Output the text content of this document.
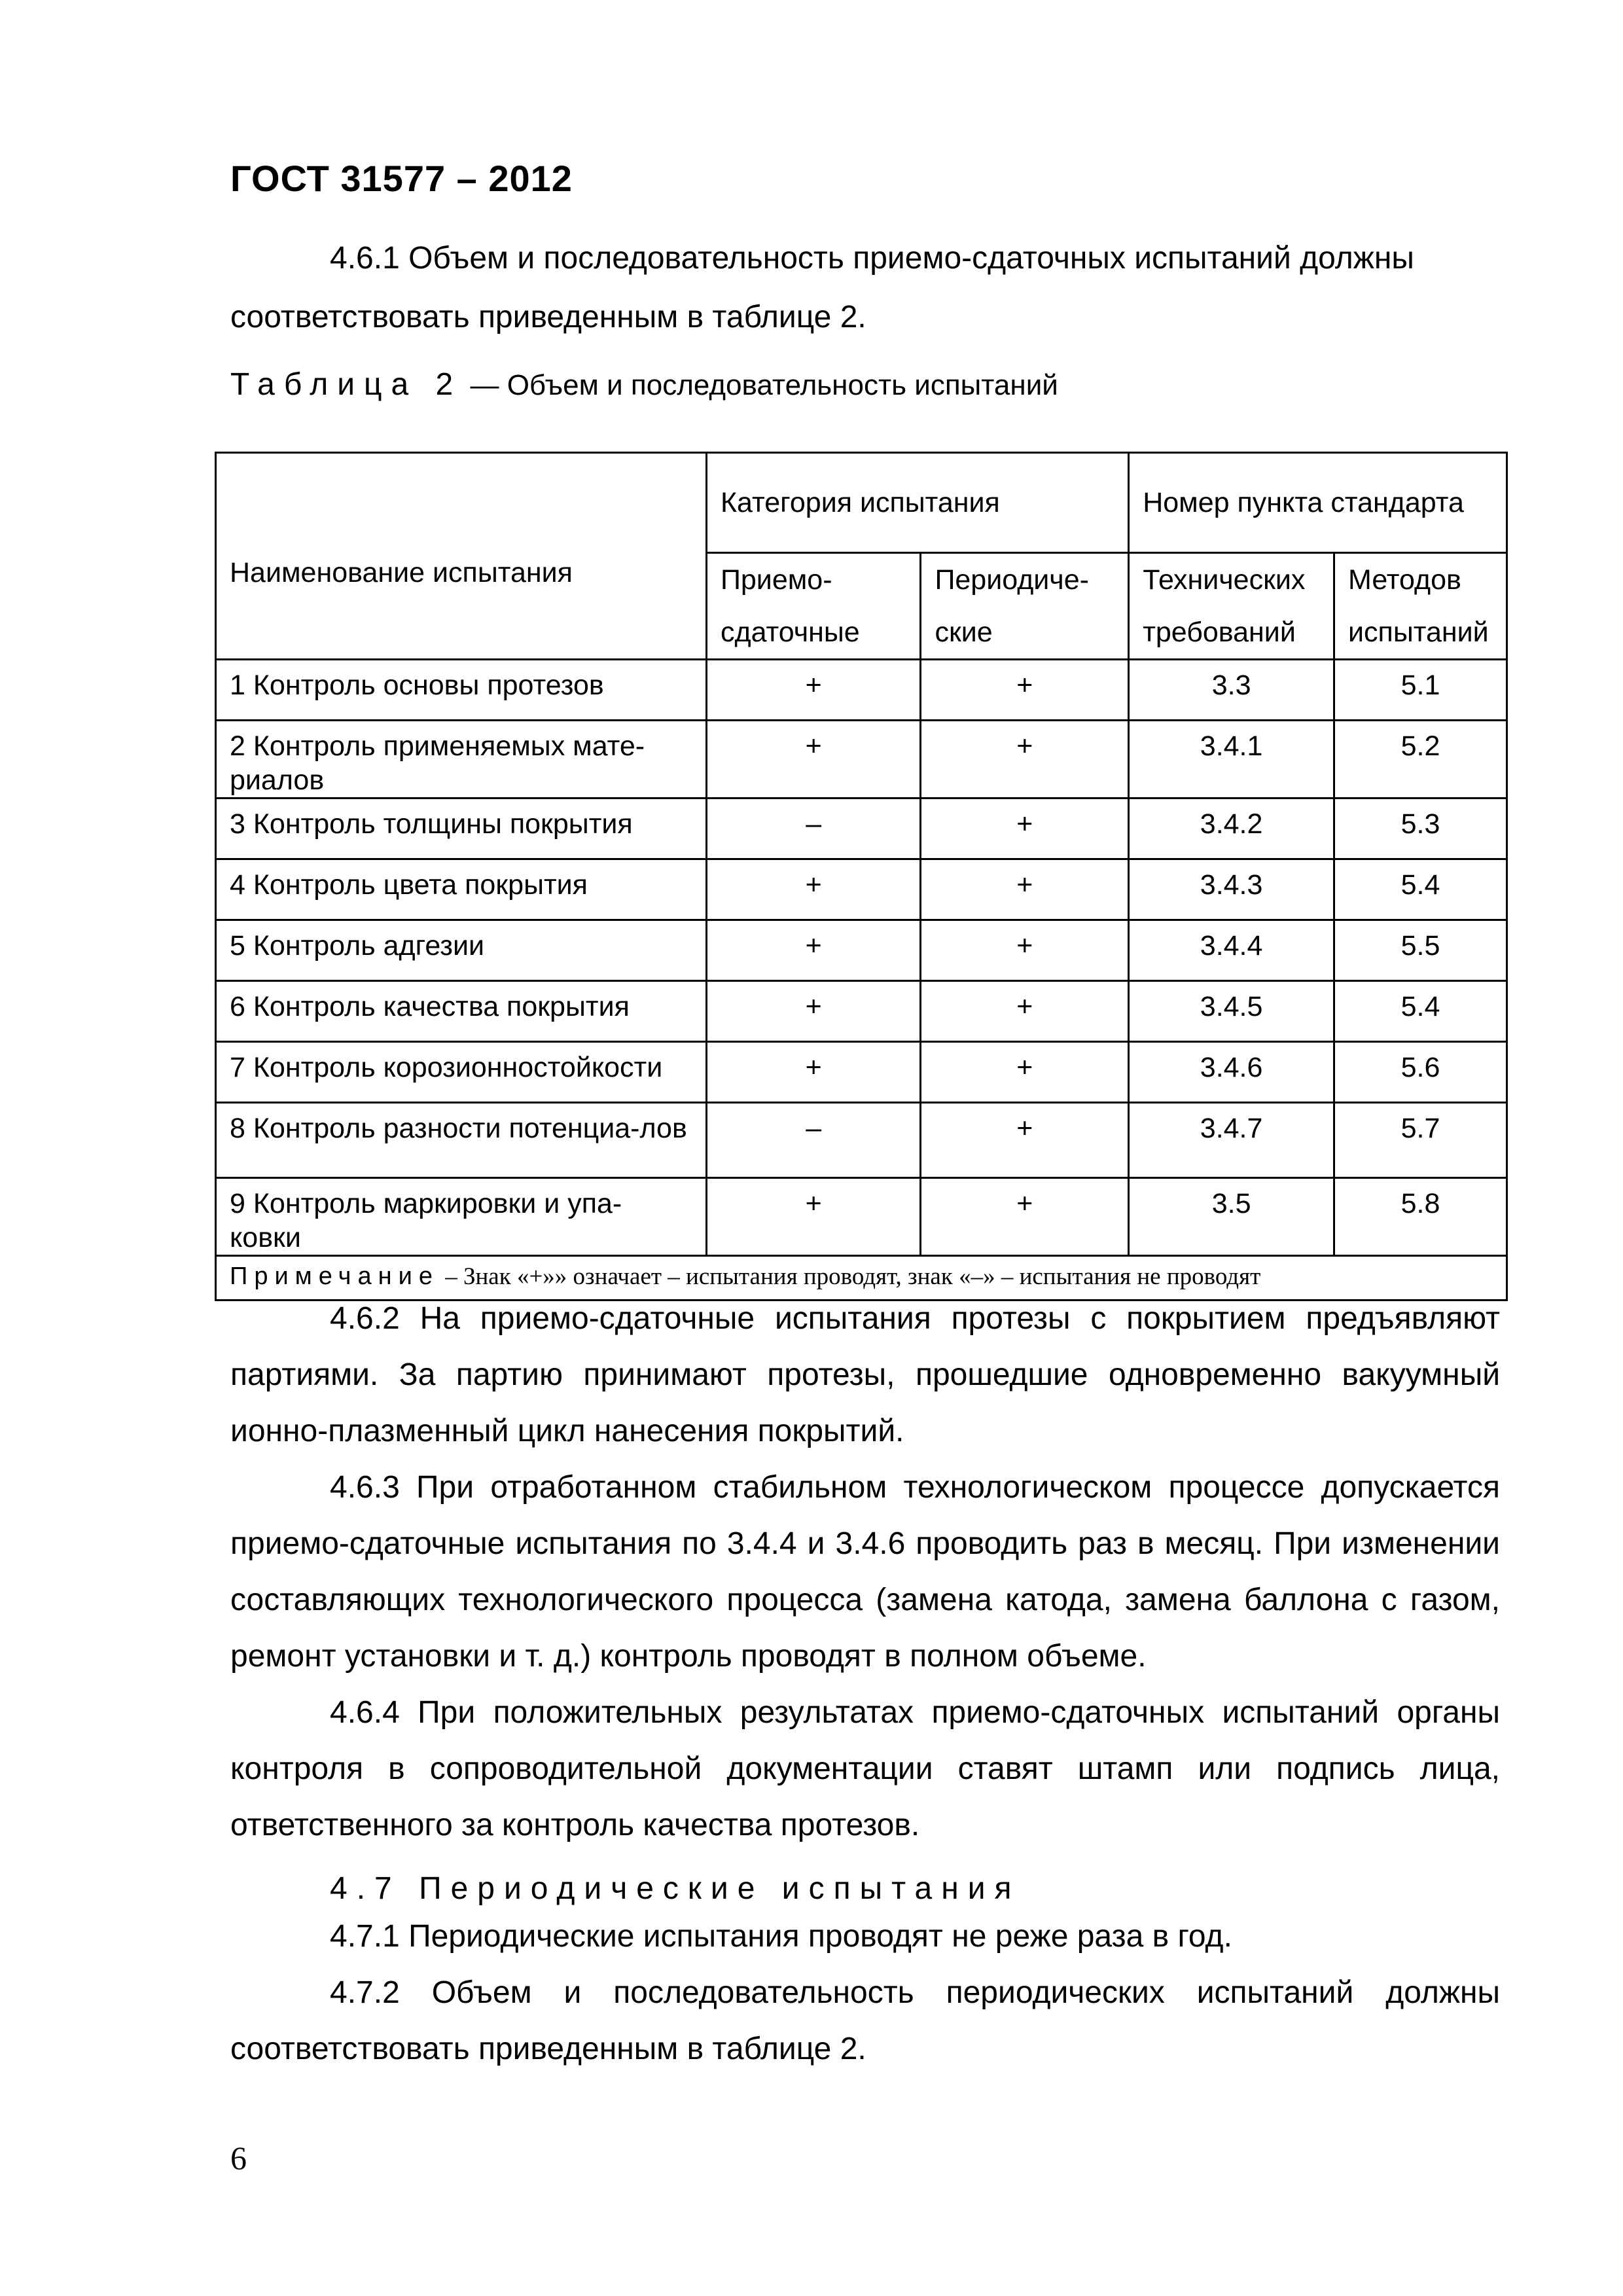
ГОСТ 31577 – 2012
4.6.1 Объем и последовательность приемо-сдаточных испытаний должны
соответствовать приведенным в таблице 2.
Таблица 2 — Объем и последовательность испытаний
Наименование испытания	Категория испытания		Номер пункта стандарта	
	Приемо-сдаточные	Периодиче-ские	Технических требований	Методов испытаний
1 Контроль основы протезов	+	+	3.3	5.1
2 Контроль применяемых мате-риалов	+	+	3.4.1	5.2
3 Контроль толщины покрытия	–	+	3.4.2	5.3
4 Контроль цвета покрытия	+	+	3.4.3	5.4
5 Контроль адгезии	+	+	3.4.4	5.5
6 Контроль качества покрытия	+	+	3.4.5	5.4
7 Контроль корозионностойкости	+	+	3.4.6	5.6
8 Контроль разности потенциа-лов	–	+	3.4.7	5.7
9 Контроль маркировки и упа-ковки	+	+	3.5	5.8
Примечание – Знак «+»» означает – испытания проводят, знак «–» – испытания не проводят				
4.6.2 На приемо-сдаточные испытания протезы с покрытием предъявляют партиями. За партию принимают протезы, прошедшие одновременно вакуумный ионно-плазменный цикл нанесения покрытий.
4.6.3 При отработанном стабильном технологическом процессе допускается приемо-сдаточные испытания по 3.4.4 и 3.4.6 проводить раз в месяц. При изменении составляющих технологического процесса (замена катода, замена баллона с газом, ремонт установки и т. д.) контроль проводят в полном объеме.
4.6.4 При положительных результатах приемо-сдаточных испытаний органы контроля в сопроводительной документации ставят штамп или подпись лица, ответственного за контроль качества протезов.
4.7 Периодические испытания
4.7.1 Периодические испытания проводят не реже раза в год.
4.7.2 Объем и последовательность периодических испытаний должны соответствовать приведенным в таблице 2.
6
